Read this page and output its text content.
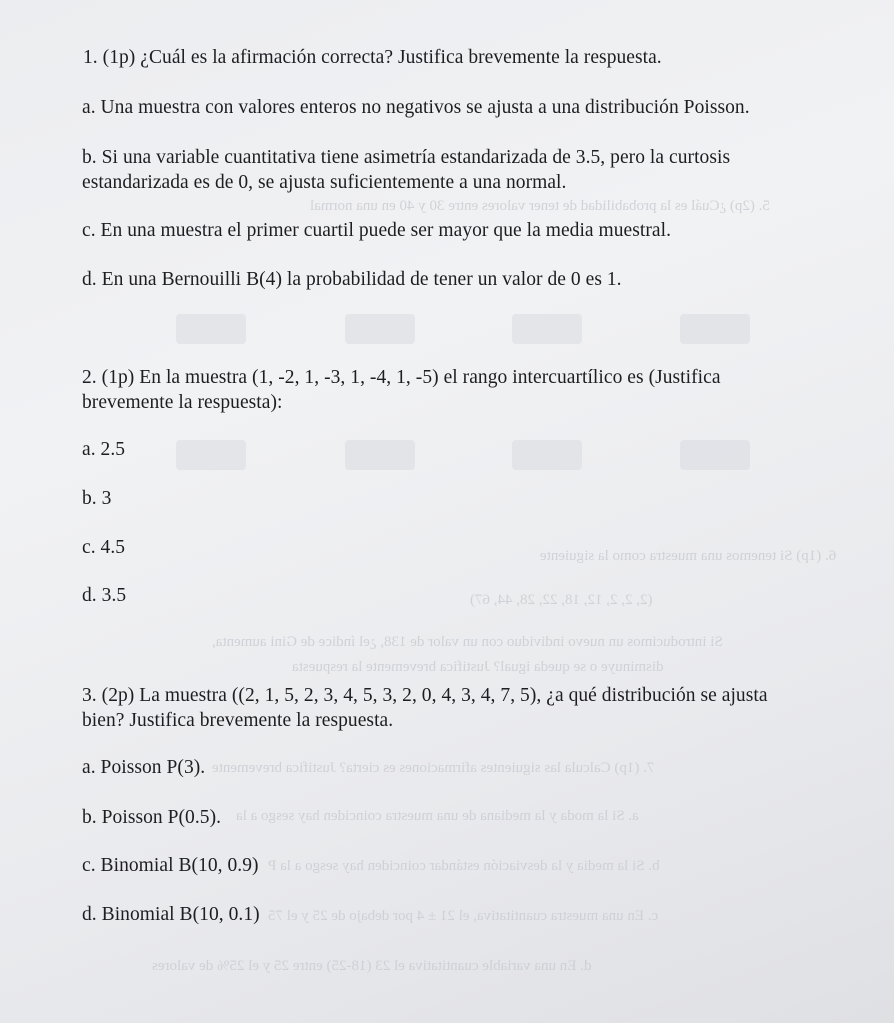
5. (2p) ¿Cuál es la probabilidad de tener valores entre 30 y 40 en una normal
6. (1p) Si tenemos una muestra como la siguiente
(2, 2, 2, 12, 18, 22, 28, 44, 67)
Si introducimos un nuevo individuo con un valor de 138, ¿el índice de Gini aumenta,
disminuye o se queda igual? Justifica brevemente la respuesta
7. (1p) Calcula las siguientes afirmaciones es cierta? Justifica brevemente
a. Si la moda y la mediana de una muestra coinciden hay sesgo a la
b. Si la media y la desviación estándar coinciden hay sesgo a la P
c. En una muestra cuantitativa, el 21 ± 4 por debajo de 25 y el 75
d. En una variable cuantitativa el 23 (18-25) entre 25 y el 25% de valores
1. (1p) ¿Cuál es la afirmación correcta? Justifica brevemente la respuesta.
a. Una muestra con valores enteros no negativos se ajusta a una distribución Poisson.
b. Si una variable cuantitativa tiene asimetría estandarizada de 3.5, pero la curtosis
estandarizada es de 0, se ajusta suficientemente a una normal.
c. En una muestra el primer cuartil puede ser mayor que la media muestral.
d. En una Bernouilli B(4) la probabilidad de tener un valor de 0 es 1.
2. (1p) En la muestra (1, -2, 1, -3, 1, -4, 1, -5) el rango intercuartílico es (Justifica
brevemente la respuesta):
a. 2.5
b. 3
c. 4.5
d. 3.5
3. (2p) La muestra ((2, 1, 5, 2, 3, 4, 5, 3, 2, 0, 4, 3, 4, 7, 5), ¿a qué distribución se ajusta
bien? Justifica brevemente la respuesta.
a. Poisson P(3).
b. Poisson P(0.5).
c. Binomial B(10, 0.9)
d. Binomial B(10, 0.1)
